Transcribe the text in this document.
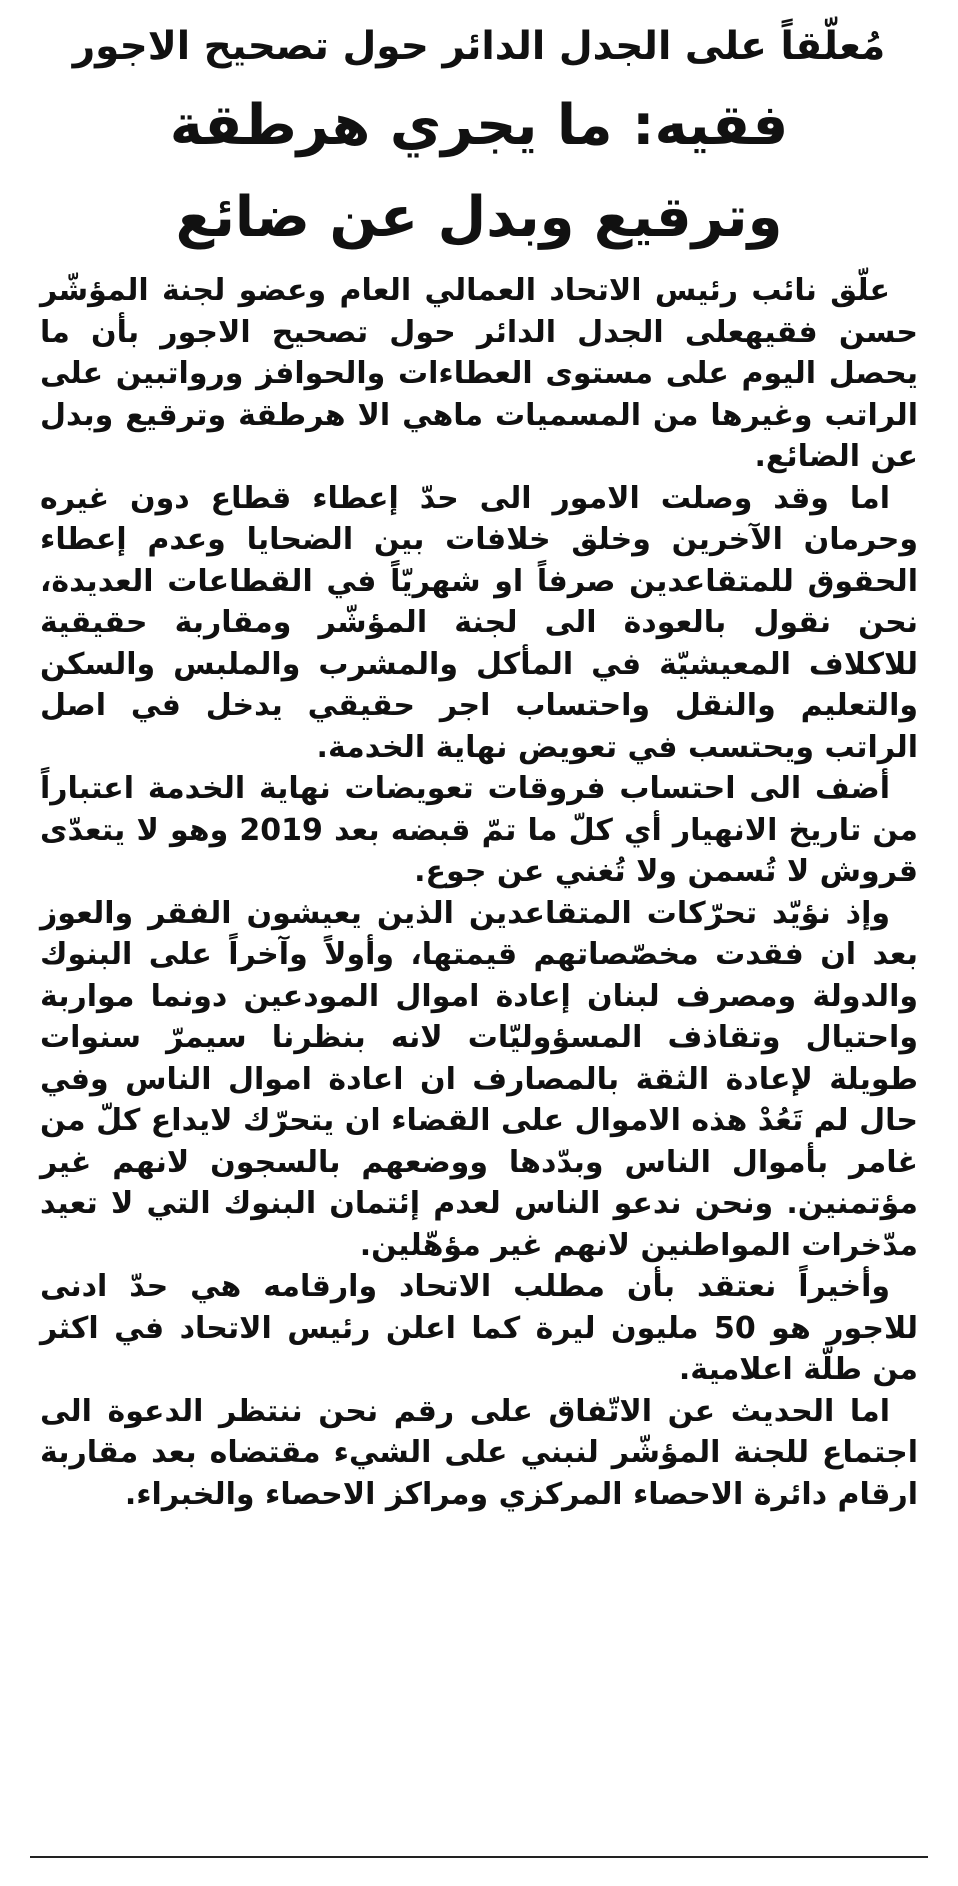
مُعلّقاً على الجدل الدائر حول تصحيح الاجور
فقيه: ما يجري هرطقة
وترقيع وبدل عن ضائع

علّق نائب رئيس الاتحاد العمالي العام وعضو لجنة المؤشّر حسن فقيهعلى الجدل الدائر حول تصحيح الاجور بأن ما يحصل اليوم على مستوى العطاءات والحوافز ورواتبين على الراتب وغيرها من المسميات ماهي الا هرطقة وترقيع وبدل عن الضائع.

اما وقد وصلت الامور الى حدّ إعطاء قطاع دون غيره وحرمان الآخرين وخلق خلافات بين الضحايا وعدم إعطاء الحقوق للمتقاعدين صرفاً او شهريّاً في القطاعات العديدة، نحن نقول بالعودة الى لجنة المؤشّر ومقاربة حقيقية للاكلاف المعيشيّة في المأكل والمشرب والملبس والسكن والتعليم والنقل واحتساب اجر حقيقي يدخل في اصل الراتب ويحتسب في تعويض نهاية الخدمة.

أضف الى احتساب فروقات تعويضات نهاية الخدمة اعتباراً من تاريخ الانهيار أي كلّ ما تمّ قبضه بعد 2019 وهو لا يتعدّى قروش لا تُسمن ولا تُغني عن جوع.

وإذ نؤيّد تحرّكات المتقاعدين الذين يعيشون الفقر والعوز بعد ان فقدت مخصّصاتهم قيمتها، وأولاً وآخراً على البنوك والدولة ومصرف لبنان إعادة اموال المودعين دونما مواربة واحتيال وتقاذف المسؤوليّات لانه بنظرنا سيمرّ سنوات طويلة لإعادة الثقة بالمصارف ان اعادة اموال الناس وفي حال لم تَعُدْ هذه الاموال على القضاء ان يتحرّك لايداع كلّ من غامر بأموال الناس وبدّدها ووضعهم بالسجون لانهم غير مؤتمنين. ونحن ندعو الناس لعدم إئتمان البنوك التي لا تعيد مدّخرات المواطنين لانهم غير مؤهّلين.

وأخيراً نعتقد بأن مطلب الاتحاد وارقامه هي حدّ ادنى للاجور هو 50 مليون ليرة كما اعلن رئيس الاتحاد في اكثر من طلّة اعلامية.

اما الحديث عن الاتّفاق على رقم نحن ننتظر الدعوة الى اجتماع للجنة المؤشّر لنبني على الشيء مقتضاه بعد مقاربة ارقام دائرة الاحصاء المركزي ومراكز الاحصاء والخبراء.
